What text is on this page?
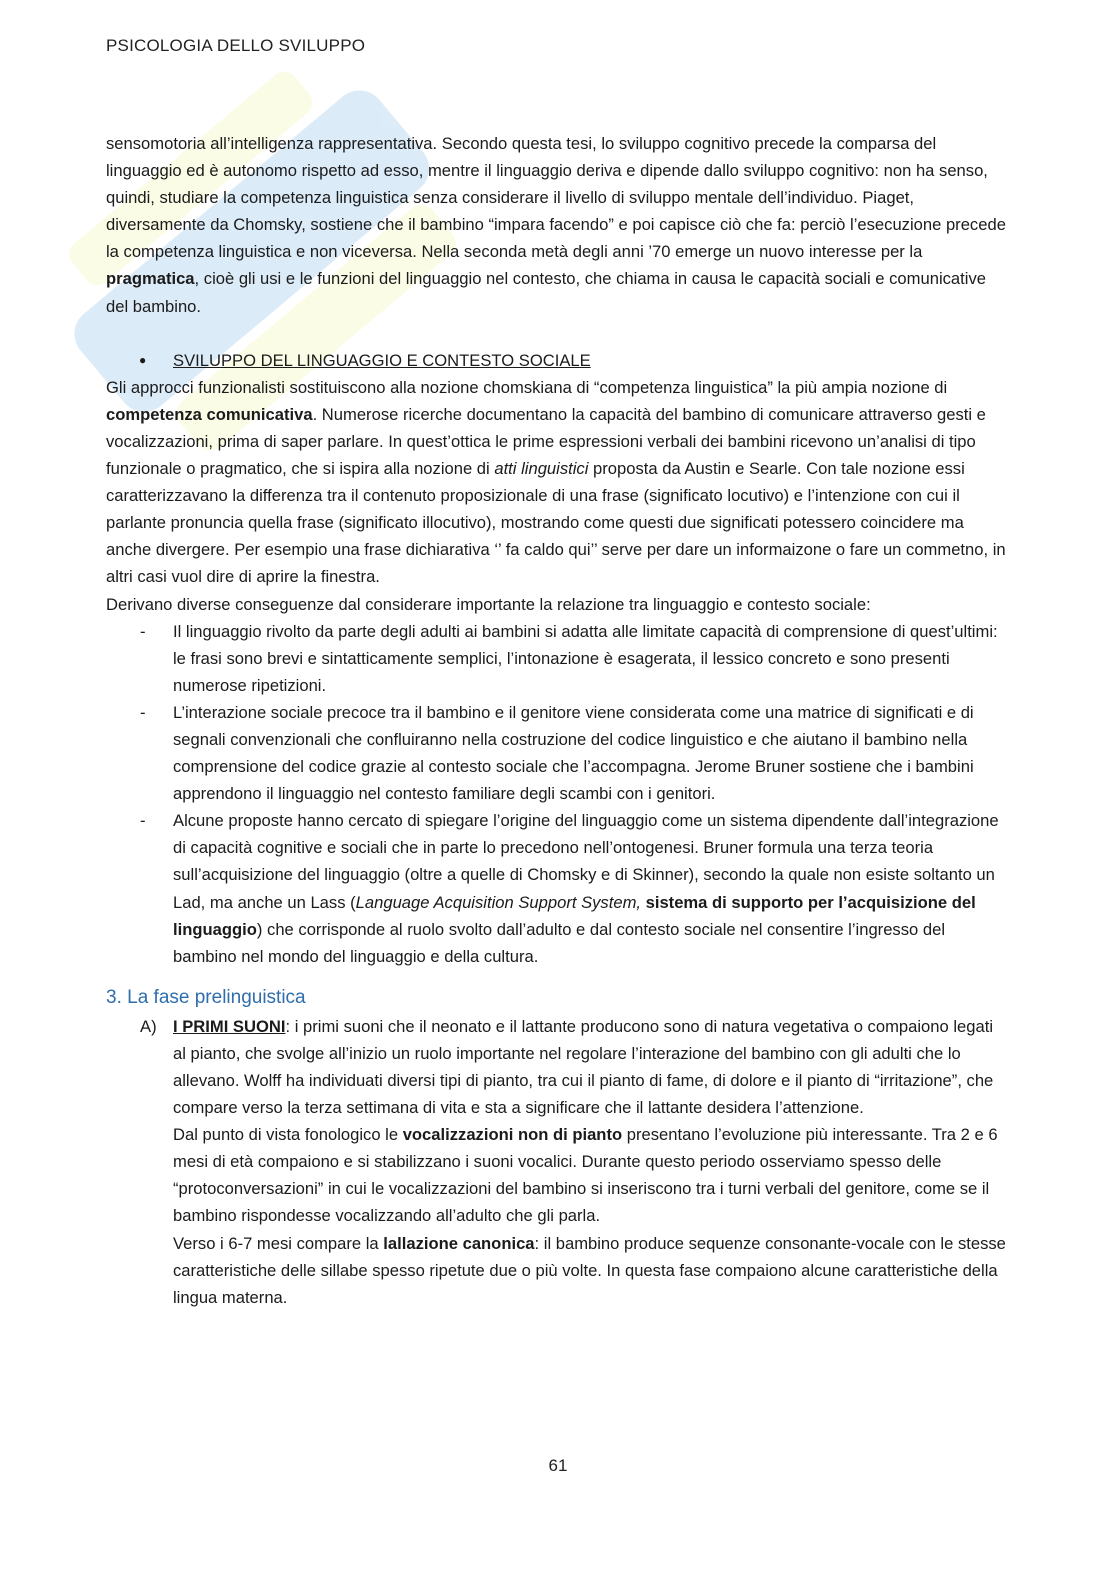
PSICOLOGIA DELLO SVILUPPO

sensomotoria all’intelligenza rappresentativa. Secondo questa tesi, lo sviluppo cognitivo precede la comparsa del linguaggio ed è autonomo rispetto ad esso, mentre il linguaggio deriva e dipende dallo sviluppo cognitivo: non ha senso, quindi, studiare la competenza linguistica senza considerare il livello di sviluppo mentale dell’individuo. Piaget, diversamente da Chomsky, sostiene che il bambino “impara facendo” e poi capisce ciò che fa: perciò l’esecuzione precede la competenza linguistica e non viceversa. Nella seconda metà degli anni ’70 emerge un nuovo interesse per la pragmatica, cioè gli usi e le funzioni del linguaggio nel contesto, che chiama in causa le capacità sociali e comunicative del bambino.

● SVILUPPO DEL LINGUAGGIO E CONTESTO SOCIALE

Gli approcci funzionalisti sostituiscono alla nozione chomskiana di “competenza linguistica” la più ampia nozione di competenza comunicativa. Numerose ricerche documentano la capacità del bambino di comunicare attraverso gesti e vocalizzazioni, prima di saper parlare. In quest’ottica le prime espressioni verbali dei bambini ricevono un’analisi di tipo funzionale o pragmatico, che si ispira alla nozione di atti linguistici proposta da Austin e Searle. Con tale nozione essi caratterizzavano la differenza tra il contenuto proposizionale di una frase (significato locutivo) e l’intenzione con cui il parlante pronuncia quella frase (significato illocutivo), mostrando come questi due significati potessero coincidere ma anche divergere. Per esempio una frase dichiarativa ‘’ fa caldo qui’’ serve per dare un informaizone o fare un commetno, in altri casi vuol dire di aprire la finestra.

Derivano diverse conseguenze dal considerare importante la relazione tra linguaggio e contesto sociale:

- Il linguaggio rivolto da parte degli adulti ai bambini si adatta alle limitate capacità di comprensione di quest’ultimi: le frasi sono brevi e sintatticamente semplici, l’intonazione è esagerata, il lessico concreto e sono presenti numerose ripetizioni.
- L’interazione sociale precoce tra il bambino e il genitore viene considerata come una matrice di significati e di segnali convenzionali che confluiranno nella costruzione del codice linguistico e che aiutano il bambino nella comprensione del codice grazie al contesto sociale che l’accompagna. Jerome Bruner sostiene che i bambini apprendono il linguaggio nel contesto familiare degli scambi con i genitori.
- Alcune proposte hanno cercato di spiegare l’origine del linguaggio come un sistema dipendente dall’integrazione di capacità cognitive e sociali che in parte lo precedono nell’ontogenesi. Bruner formula una terza teoria sull’acquisizione del linguaggio (oltre a quelle di Chomsky e di Skinner), secondo la quale non esiste soltanto un Lad, ma anche un Lass (Language Acquisition Support System, sistema di supporto per l’acquisizione del linguaggio) che corrisponde al ruolo svolto dall’adulto e dal contesto sociale nel consentire l’ingresso del bambino nel mondo del linguaggio e della cultura.
3. La fase prelinguistica
A) I PRIMI SUONI: i primi suoni che il neonato e il lattante producono sono di natura vegetativa o compaiono legati al pianto, che svolge all’inizio un ruolo importante nel regolare l’interazione del bambino con gli adulti che lo allevano. Wolff ha individuati diversi tipi di pianto, tra cui il pianto di fame, di dolore e il pianto di “irritazione”, che compare verso la terza settimana di vita e sta a significare che il lattante desidera l’attenzione.

Dal punto di vista fonologico le vocalizzazioni non di pianto presentano l’evoluzione più interessante. Tra 2 e 6 mesi di età compaiono e si stabilizzano i suoni vocalici. Durante questo periodo osserviamo spesso delle “protoconversazioni” in cui le vocalizzazioni del bambino si inseriscono tra i turni verbali del genitore, come se il bambino rispondesse vocalizzando all’adulto che gli parla.

Verso i 6-7 mesi compare la lallazione canonica: il bambino produce sequenze consonante-vocale con le stesse caratteristiche delle sillabe spesso ripetute due o più volte. In questa fase compaiono alcune caratteristiche della lingua materna.

61
